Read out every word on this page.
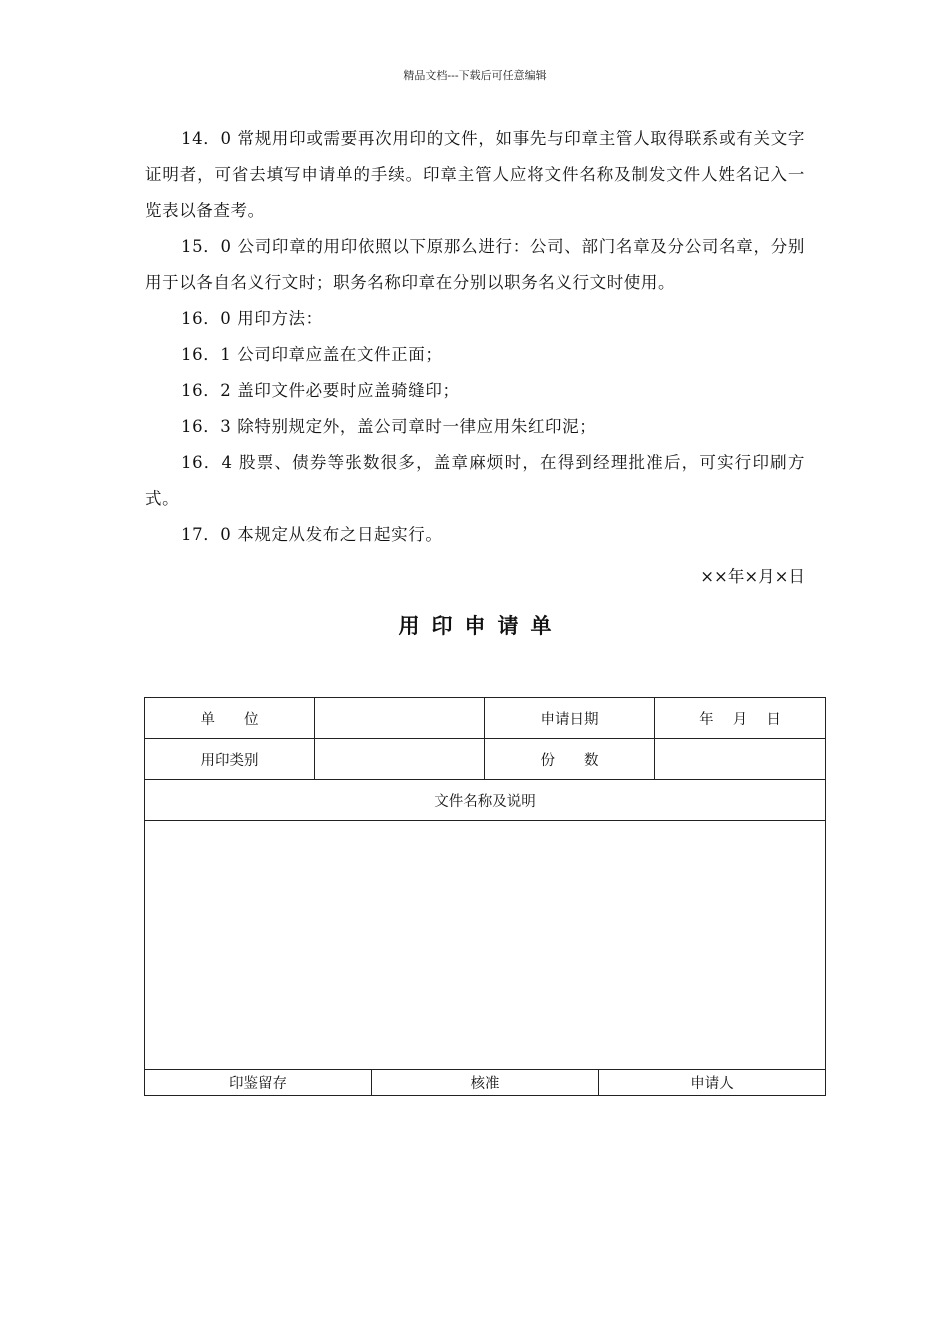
精品文档---下载后可任意编辑

14．0 常规用印或需要再次用印的文件，如事先与印章主管人取得联系或有关文字证明者，可省去填写申请单的手续。印章主管人应将文件名称及制发文件人姓名记入一览表以备查考。

15．0 公司印章的用印依照以下原那么进行：公司、部门名章及分公司名章，分别用于以各自名义行文时；职务名称印章在分别以职务名义行文时使用。

16．0 用印方法：

16．1 公司印章应盖在文件正面；

16．2 盖印文件必要时应盖骑缝印；

16．3 除特别规定外，盖公司章时一律应用朱红印泥；

16．4 股票、债券等张数很多，盖章麻烦时，在得到经理批准后，可实行印刷方式。

17．0 本规定从发布之日起实行。

××年×月×日
用印申请单
单　　位		申请日期	年　 月　 日
用印类别		份　　数	
文件名称及说明			

印鉴留存	核准	申请人
